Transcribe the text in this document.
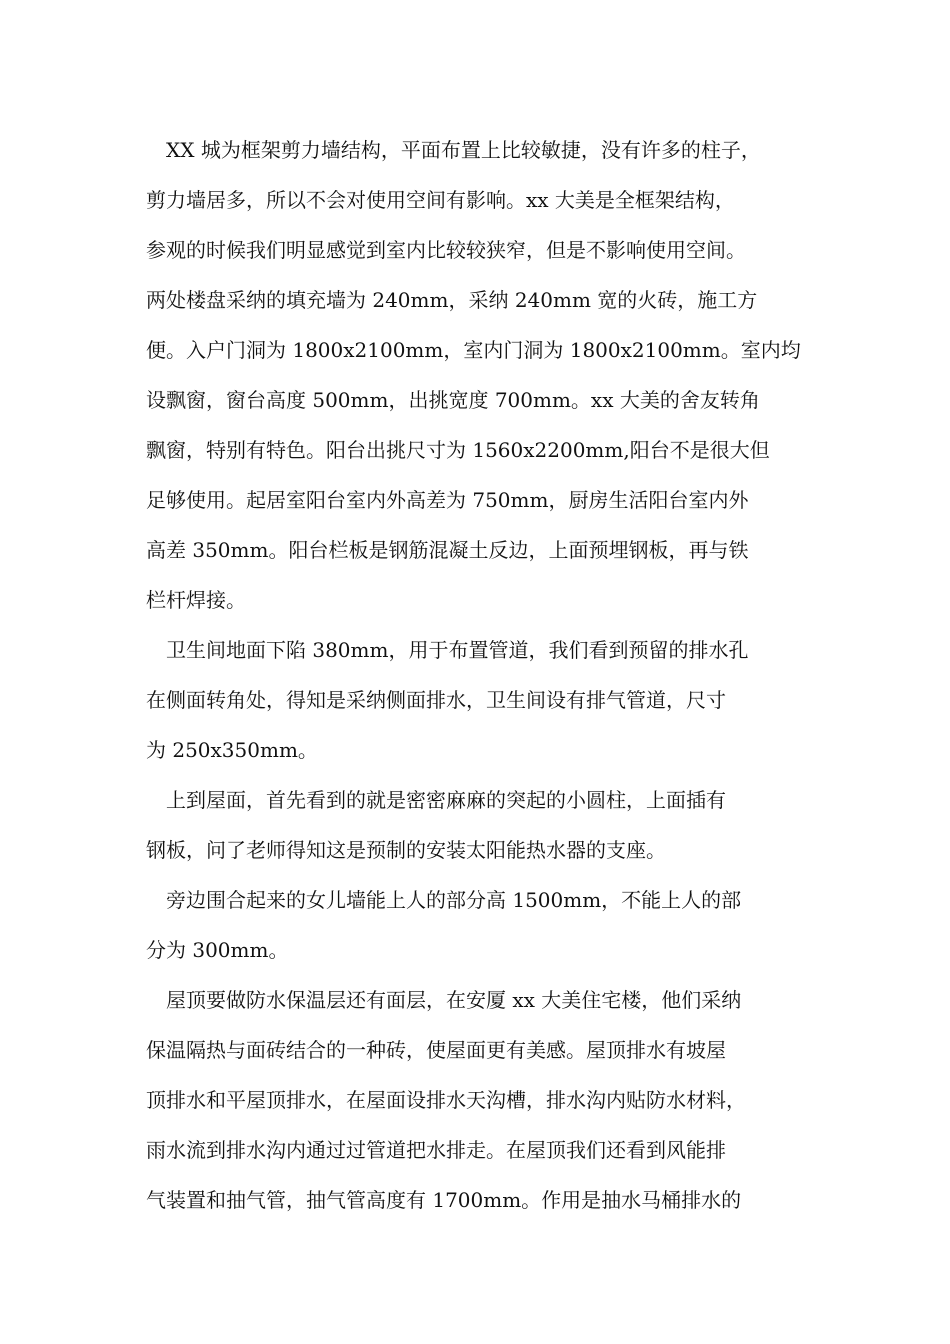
XX 城为框架剪力墙结构，平面布置上比较敏捷，没有许多的柱子，
剪力墙居多，所以不会对使用空间有影响。xx 大美是全框架结构，
参观的时候我们明显感觉到室内比较较狭窄，但是不影响使用空间。
两处楼盘采纳的填充墙为 240mm，采纳 240mm 宽的火砖，施工方
便。入户门洞为 1800x2100mm，室内门洞为 1800x2100mm。室内均
设飘窗，窗台高度 500mm，出挑宽度 700mm。xx 大美的舍友转角
飘窗，特别有特色。阳台出挑尺寸为 1560x2200mm,阳台不是很大但
足够使用。起居室阳台室内外高差为 750mm，厨房生活阳台室内外
高差 350mm。阳台栏板是钢筋混凝土反边，上面预埋钢板，再与铁
栏杆焊接。
卫生间地面下陷 380mm，用于布置管道，我们看到预留的排水孔
在侧面转角处，得知是采纳侧面排水，卫生间设有排气管道，尺寸
为 250x350mm。
上到屋面，首先看到的就是密密麻麻的突起的小圆柱，上面插有
钢板，问了老师得知这是预制的安装太阳能热水器的支座。
旁边围合起来的女儿墙能上人的部分高 1500mm，不能上人的部
分为 300mm。
屋顶要做防水保温层还有面层，在安厦 xx 大美住宅楼，他们采纳
保温隔热与面砖结合的一种砖，使屋面更有美感。屋顶排水有坡屋
顶排水和平屋顶排水，在屋面设排水天沟槽，排水沟内贴防水材料，
雨水流到排水沟内通过过管道把水排走。在屋顶我们还看到风能排
气装置和抽气管，抽气管高度有 1700mm。作用是抽水马桶排水的
